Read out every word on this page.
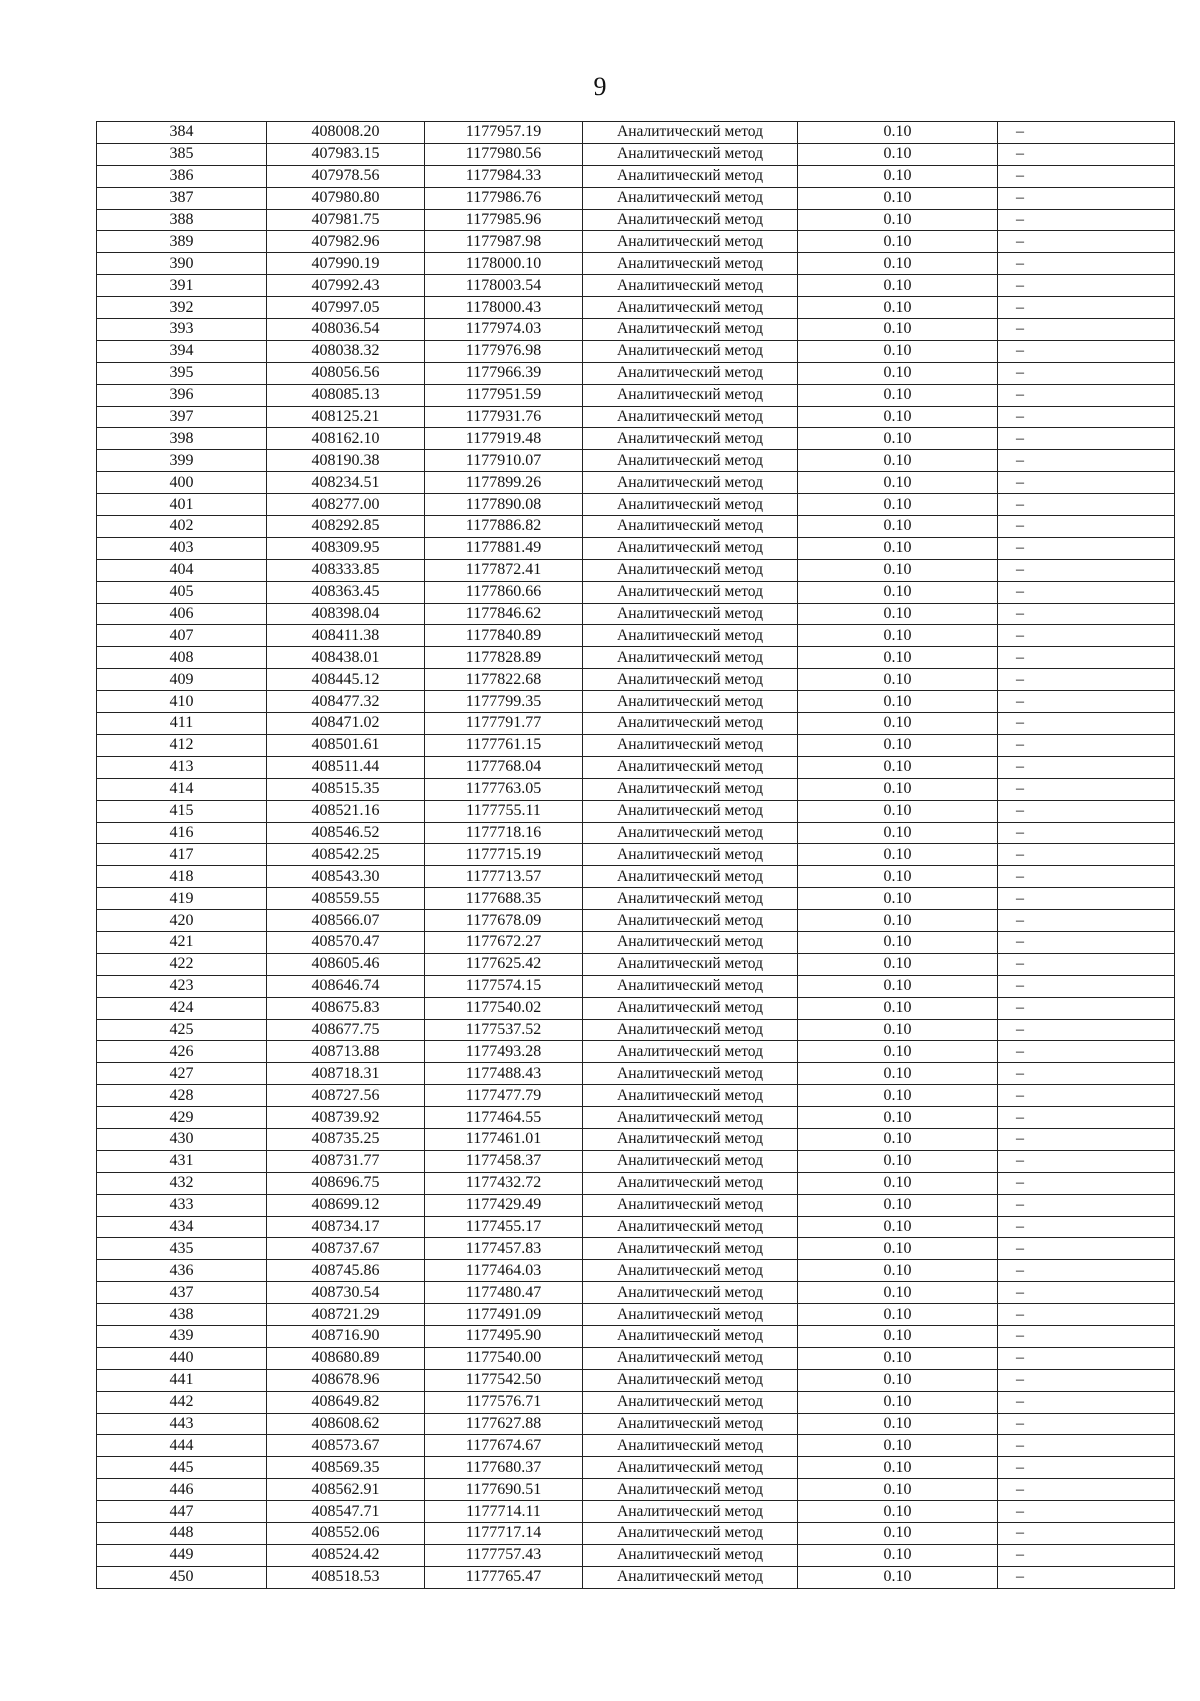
9
384	408008.20	1177957.19	Аналитический метод	0.10	–
385	407983.15	1177980.56	Аналитический метод	0.10	–
386	407978.56	1177984.33	Аналитический метод	0.10	–
387	407980.80	1177986.76	Аналитический метод	0.10	–
388	407981.75	1177985.96	Аналитический метод	0.10	–
389	407982.96	1177987.98	Аналитический метод	0.10	–
390	407990.19	1178000.10	Аналитический метод	0.10	–
391	407992.43	1178003.54	Аналитический метод	0.10	–
392	407997.05	1178000.43	Аналитический метод	0.10	–
393	408036.54	1177974.03	Аналитический метод	0.10	–
394	408038.32	1177976.98	Аналитический метод	0.10	–
395	408056.56	1177966.39	Аналитический метод	0.10	–
396	408085.13	1177951.59	Аналитический метод	0.10	–
397	408125.21	1177931.76	Аналитический метод	0.10	–
398	408162.10	1177919.48	Аналитический метод	0.10	–
399	408190.38	1177910.07	Аналитический метод	0.10	–
400	408234.51	1177899.26	Аналитический метод	0.10	–
401	408277.00	1177890.08	Аналитический метод	0.10	–
402	408292.85	1177886.82	Аналитический метод	0.10	–
403	408309.95	1177881.49	Аналитический метод	0.10	–
404	408333.85	1177872.41	Аналитический метод	0.10	–
405	408363.45	1177860.66	Аналитический метод	0.10	–
406	408398.04	1177846.62	Аналитический метод	0.10	–
407	408411.38	1177840.89	Аналитический метод	0.10	–
408	408438.01	1177828.89	Аналитический метод	0.10	–
409	408445.12	1177822.68	Аналитический метод	0.10	–
410	408477.32	1177799.35	Аналитический метод	0.10	–
411	408471.02	1177791.77	Аналитический метод	0.10	–
412	408501.61	1177761.15	Аналитический метод	0.10	–
413	408511.44	1177768.04	Аналитический метод	0.10	–
414	408515.35	1177763.05	Аналитический метод	0.10	–
415	408521.16	1177755.11	Аналитический метод	0.10	–
416	408546.52	1177718.16	Аналитический метод	0.10	–
417	408542.25	1177715.19	Аналитический метод	0.10	–
418	408543.30	1177713.57	Аналитический метод	0.10	–
419	408559.55	1177688.35	Аналитический метод	0.10	–
420	408566.07	1177678.09	Аналитический метод	0.10	–
421	408570.47	1177672.27	Аналитический метод	0.10	–
422	408605.46	1177625.42	Аналитический метод	0.10	–
423	408646.74	1177574.15	Аналитический метод	0.10	–
424	408675.83	1177540.02	Аналитический метод	0.10	–
425	408677.75	1177537.52	Аналитический метод	0.10	–
426	408713.88	1177493.28	Аналитический метод	0.10	–
427	408718.31	1177488.43	Аналитический метод	0.10	–
428	408727.56	1177477.79	Аналитический метод	0.10	–
429	408739.92	1177464.55	Аналитический метод	0.10	–
430	408735.25	1177461.01	Аналитический метод	0.10	–
431	408731.77	1177458.37	Аналитический метод	0.10	–
432	408696.75	1177432.72	Аналитический метод	0.10	–
433	408699.12	1177429.49	Аналитический метод	0.10	–
434	408734.17	1177455.17	Аналитический метод	0.10	–
435	408737.67	1177457.83	Аналитический метод	0.10	–
436	408745.86	1177464.03	Аналитический метод	0.10	–
437	408730.54	1177480.47	Аналитический метод	0.10	–
438	408721.29	1177491.09	Аналитический метод	0.10	–
439	408716.90	1177495.90	Аналитический метод	0.10	–
440	408680.89	1177540.00	Аналитический метод	0.10	–
441	408678.96	1177542.50	Аналитический метод	0.10	–
442	408649.82	1177576.71	Аналитический метод	0.10	–
443	408608.62	1177627.88	Аналитический метод	0.10	–
444	408573.67	1177674.67	Аналитический метод	0.10	–
445	408569.35	1177680.37	Аналитический метод	0.10	–
446	408562.91	1177690.51	Аналитический метод	0.10	–
447	408547.71	1177714.11	Аналитический метод	0.10	–
448	408552.06	1177717.14	Аналитический метод	0.10	–
449	408524.42	1177757.43	Аналитический метод	0.10	–
450	408518.53	1177765.47	Аналитический метод	0.10	–
